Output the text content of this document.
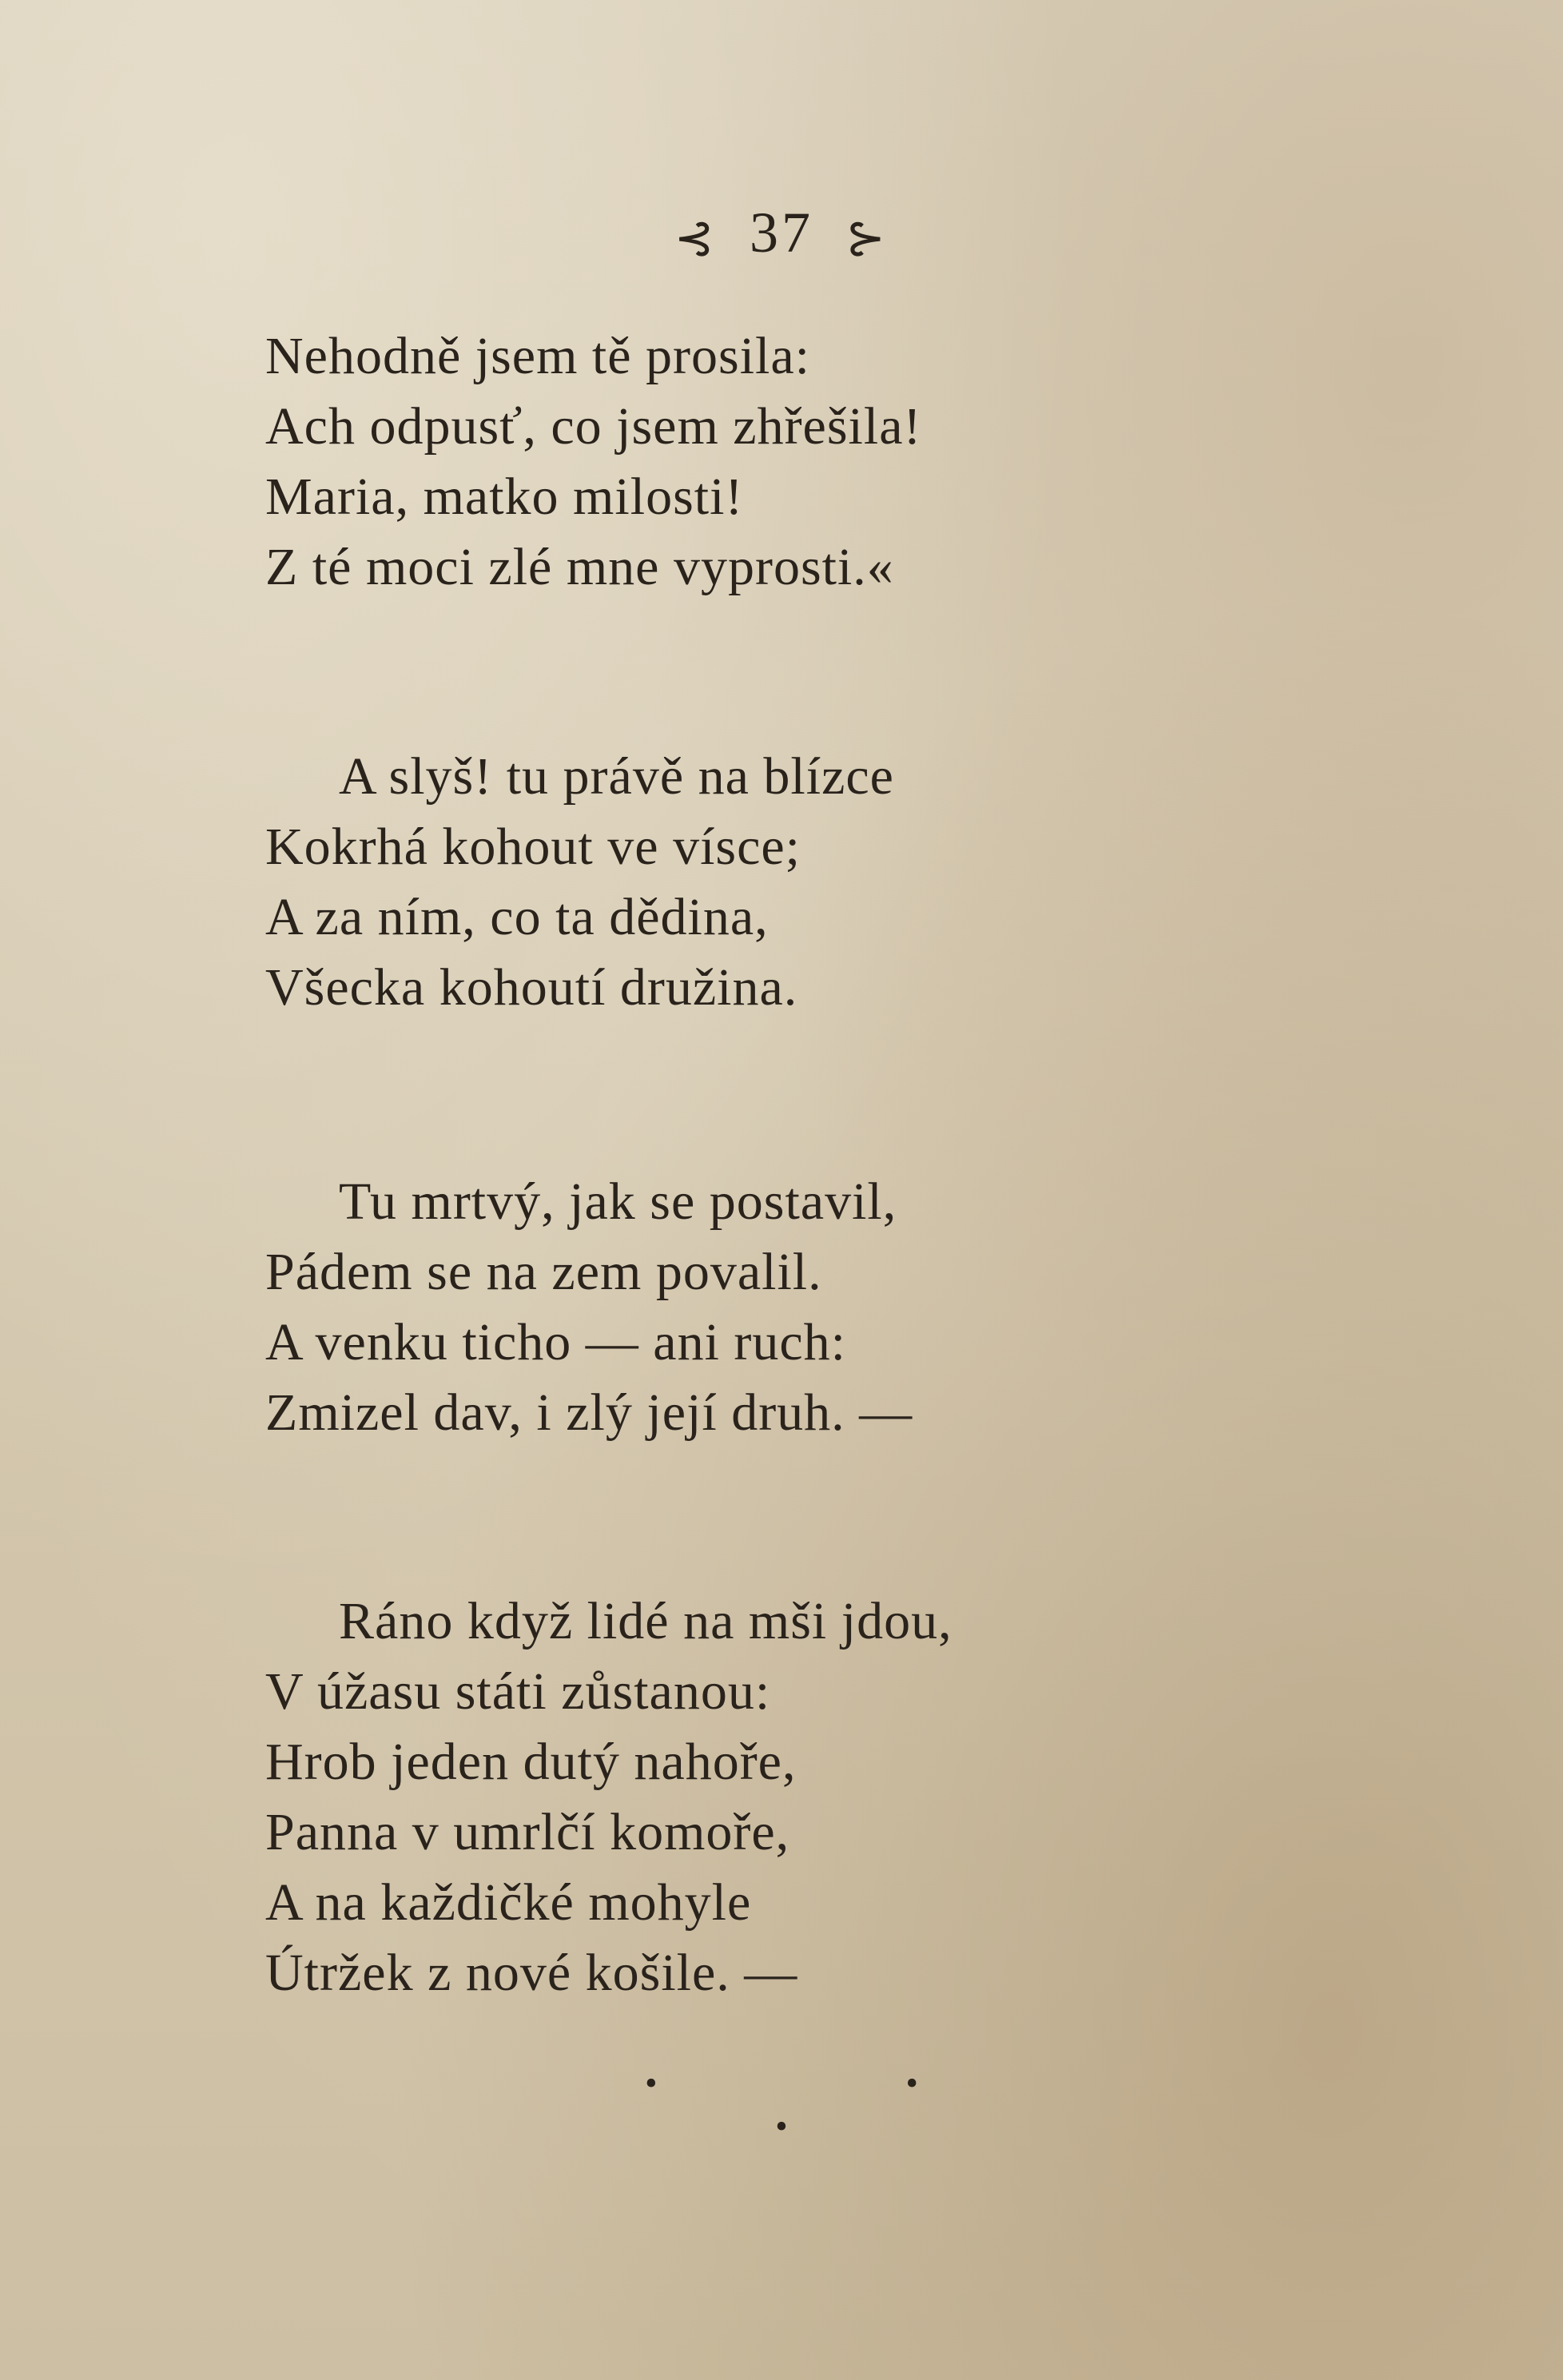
⊰ 37 ⊱
Nehodně jsem tě prosila:
Ach odpusť, co jsem zhřešila!
Maria, matko milosti!
Z té moci zlé mne vyprosti.«
A slyš! tu právě na blízce
Kokrhá kohout ve vísce;
A za ním, co ta dědina,
Všecka kohoutí družina.
Tu mrtvý, jak se postavil,
Pádem se na zem povalil.
A venku ticho — ani ruch:
Zmizel dav, i zlý její druh. —
Ráno když lidé na mši jdou,
V úžasu státi zůstanou:
Hrob jeden dutý nahoře,
Panna v umrlčí komoře,
A na každičké mohyle
Útržek z nové košile. —
• •
•
